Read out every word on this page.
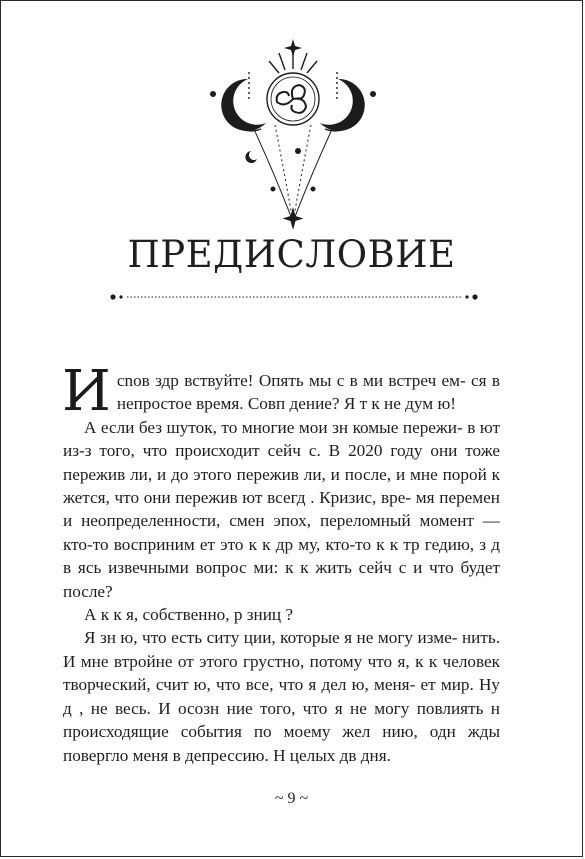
ПРЕДИСЛОВИЕ

Исnов здр вствуйте! Опять мы с в ми встреч ем- ся в непростое время. Совп дение? Я т к не дум ю!

А если без шуток, то многие мои зн комые пережи- в ют из-з того, что происходит сейч с. В 2020 году они тоже пережив ли, и до этого пережив ли, и после, и мне порой к жется, что они пережив ют всегд . Кризис, вре- мя перемен и неопределенности, смен эпох, переломный момент — кто-то восприним ет это к к др му, кто-то к к тр гедию, з д в ясь извечными вопрос ми: к к жить сейч с и что будет после?

А к к я, собственно, р зниц ?

Я зн ю, что есть ситу ции, которые я не могу изме- нить. И мне втройне от этого грустно, потому что я, к к человек творческий, счит ю, что все, что я дел ю, меня- ет мир. Ну д , не весь. И осозн ние того, что я не могу повлиять н происходящие события по моему жел нию, одн жды повергло меня в депрессию. Н целых дв дня.

~ 9 ~
